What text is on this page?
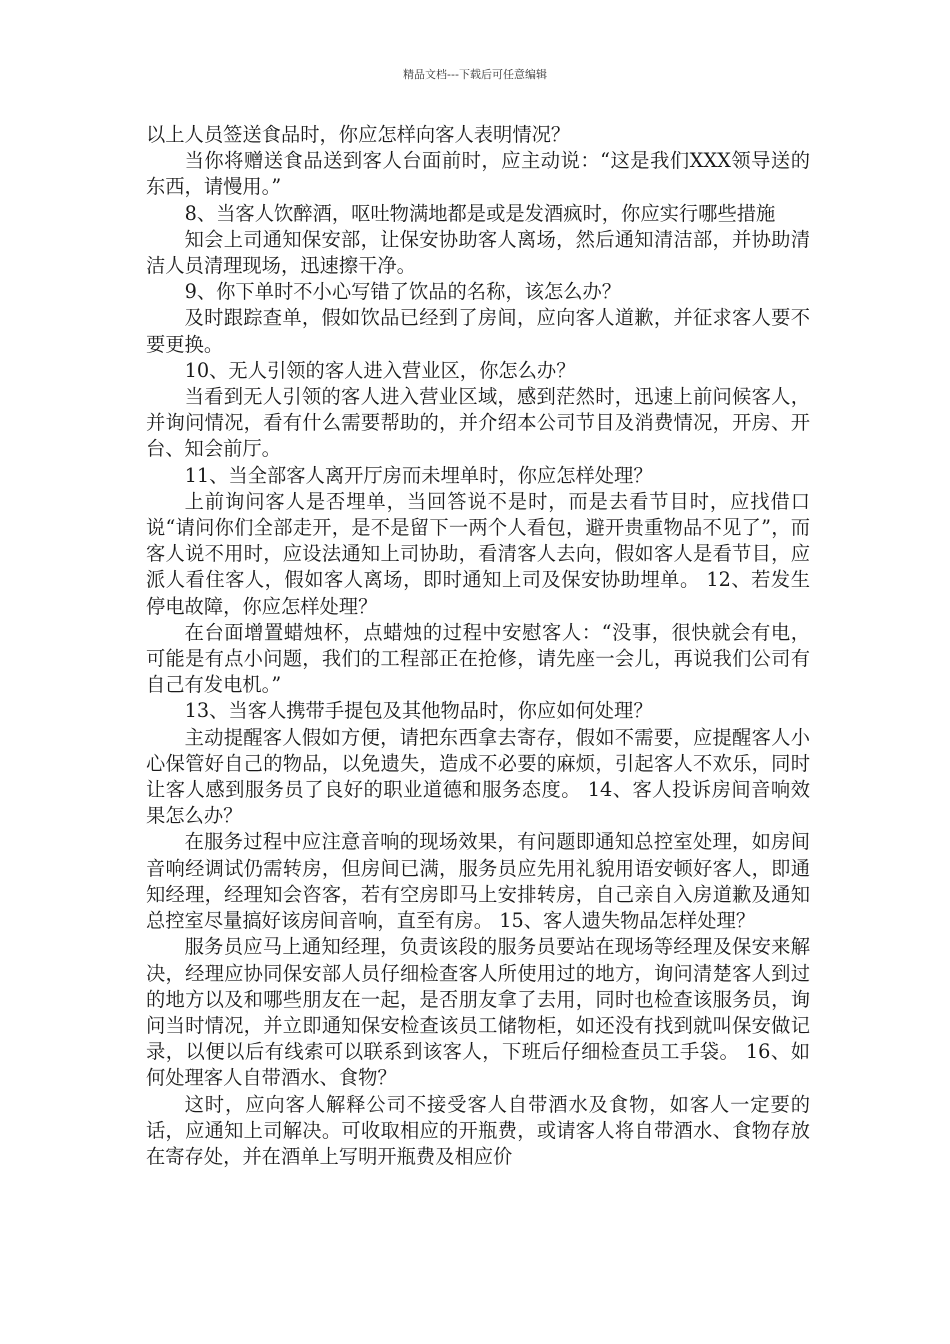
精品文档---下载后可任意编辑

以上人员签送食品时，你应怎样向客人表明情况？

当你将赠送食品送到客人台面前时，应主动说：“这是我们XXX领导送的东西，请慢用。”

8、当客人饮醉酒，呕吐物满地都是或是发酒疯时，你应实行哪些措施

知会上司通知保安部，让保安协助客人离场，然后通知清洁部，并协助清洁人员清理现场，迅速擦干净。

9、你下单时不小心写错了饮品的名称，该怎么办？

及时跟踪查单，假如饮品已经到了房间，应向客人道歉，并征求客人要不要更换。

10、无人引领的客人进入营业区，你怎么办？

当看到无人引领的客人进入营业区域，感到茫然时，迅速上前问候客人，并询问情况，看有什么需要帮助的，并介绍本公司节目及消费情况，开房、开台、知会前厅。

11、当全部客人离开厅房而未埋单时，你应怎样处理？

上前询问客人是否埋单，当回答说不是时，而是去看节目时，应找借口说“请问你们全部走开，是不是留下一两个人看包，避开贵重物品不见了”，而客人说不用时，应设法通知上司协助，看清客人去向，假如客人是看节目，应派人看住客人，假如客人离场，即时通知上司及保安协助埋单。 12、若发生停电故障，你应怎样处理？

在台面增置蜡烛杯，点蜡烛的过程中安慰客人：“没事，很快就会有电，可能是有点小问题，我们的工程部正在抢修，请先座一会儿，再说我们公司有自己有发电机。”

13、当客人携带手提包及其他物品时，你应如何处理？

主动提醒客人假如方便，请把东西拿去寄存，假如不需要，应提醒客人小心保管好自己的物品，以免遗失，造成不必要的麻烦，引起客人不欢乐，同时让客人感到服务员了良好的职业道德和服务态度。 14、客人投诉房间音响效果怎么办？

在服务过程中应注意音响的现场效果，有问题即通知总控室处理，如房间音响经调试仍需转房，但房间已满，服务员应先用礼貌用语安顿好客人，即通知经理，经理知会咨客，若有空房即马上安排转房，自己亲自入房道歉及通知总控室尽量搞好该房间音响，直至有房。 15、客人遗失物品怎样处理？

服务员应马上通知经理，负责该段的服务员要站在现场等经理及保安来解决，经理应协同保安部人员仔细检查客人所使用过的地方，询问清楚客人到过的地方以及和哪些朋友在一起，是否朋友拿了去用，同时也检查该服务员，询问当时情况，并立即通知保安检查该员工储物柜，如还没有找到就叫保安做记录，以便以后有线索可以联系到该客人，下班后仔细检查员工手袋。 16、如何处理客人自带酒水、食物？

这时，应向客人解释公司不接受客人自带酒水及食物，如客人一定要的话，应通知上司解决。可收取相应的开瓶费，或请客人将自带酒水、食物存放在寄存处，并在酒单上写明开瓶费及相应价
